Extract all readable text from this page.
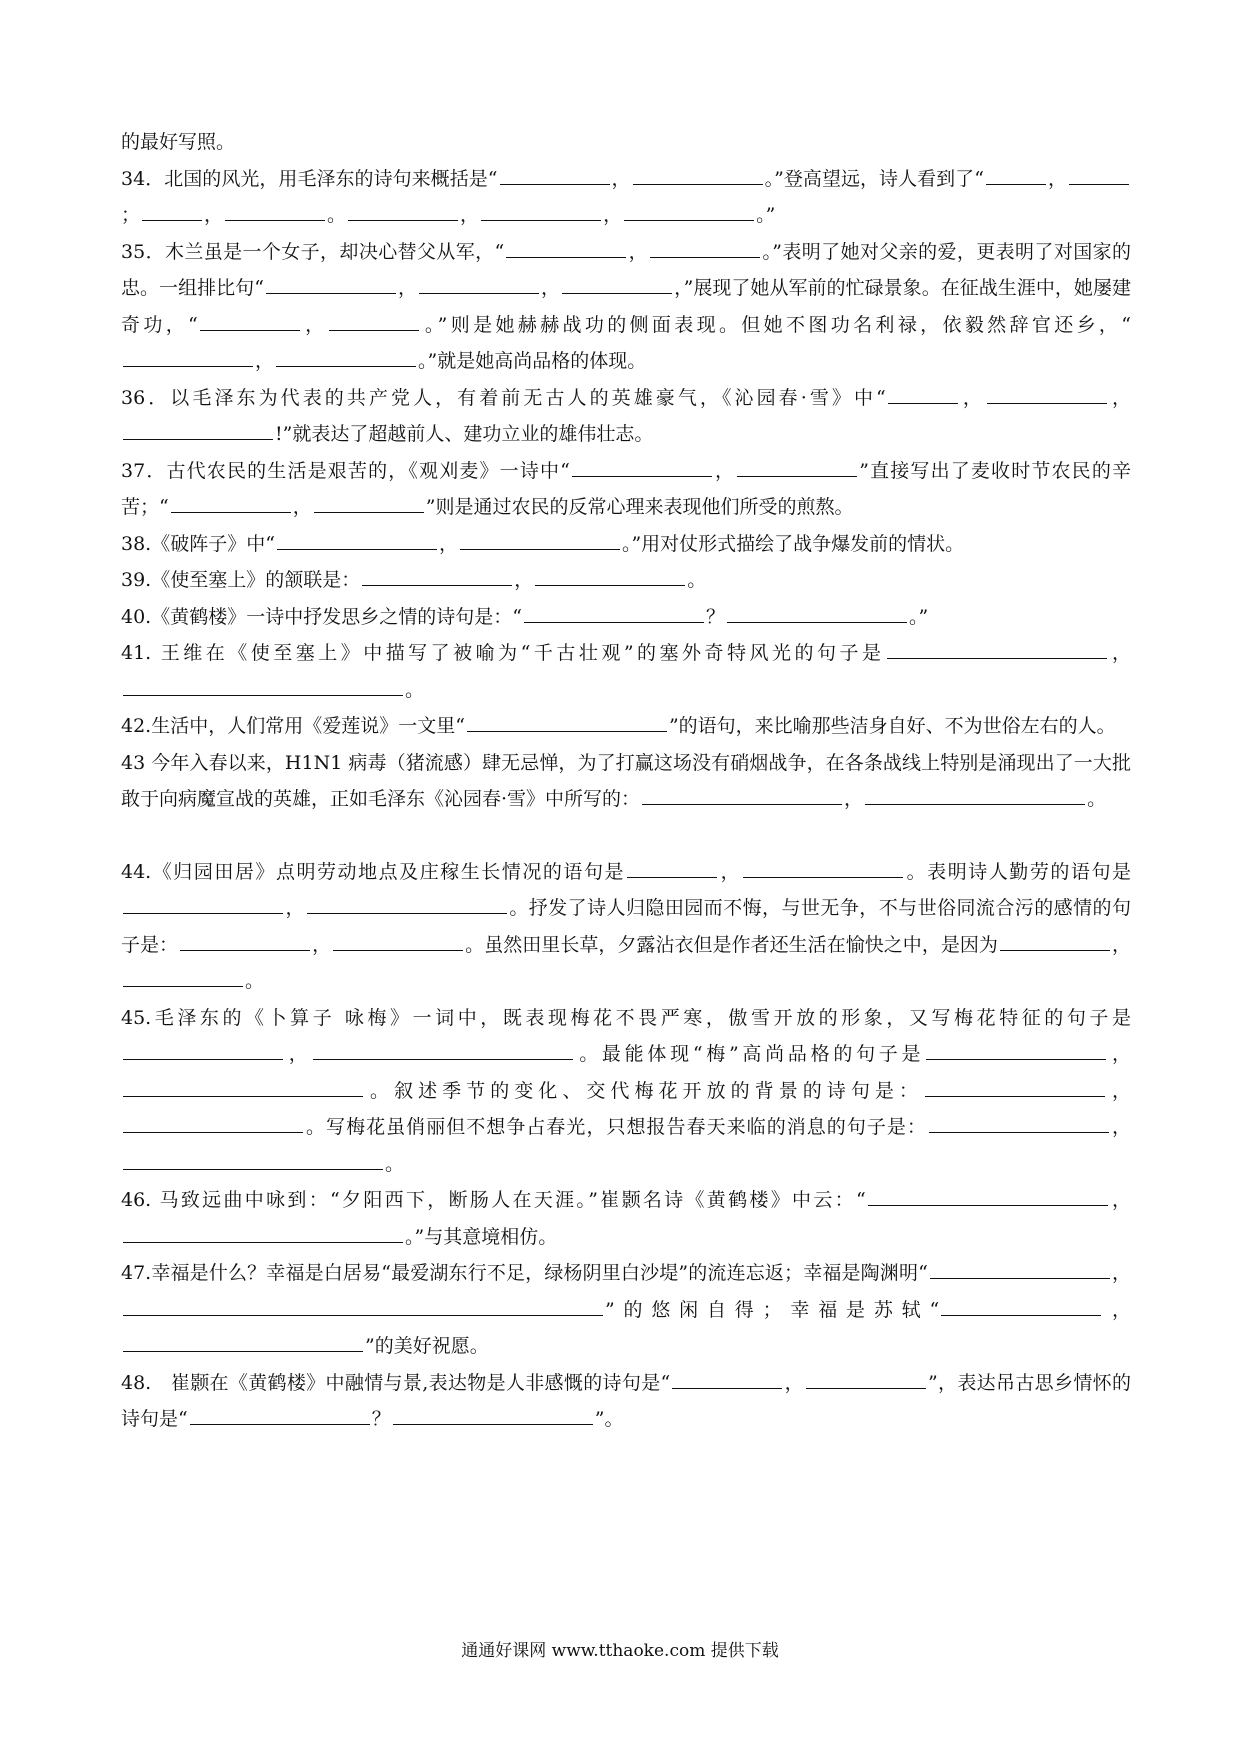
的最好写照。

34．北国的风光，用毛泽东的诗句来概括是“	，	。”登高望远，诗人看到了“	，；	，	。	，	，	。”

35．木兰虽是一个女子，却决心替父从军，“	，	。”表明了她对父亲的爱，更表明了对国家的忠。一组排比句“	，	，	，”展现了她从军前的忙碌景象。在征战生涯中，她屡建奇功，“	，	。”则是她赫赫战功的侧面表现。但她不图功名利禄，依毅然辞官还乡，“，	。”就是她高尚品格的体现。

36．以毛泽东为代表的共产党人，有着前无古人的英雄豪气，《沁园春·雪》中“	，	，!”就表达了超越前人、建功立业的雄伟壮志。

37．古代农民的生活是艰苦的，《观刈麦》一诗中“	，	”直接写出了麦收时节农民的辛苦；“	，	”则是通过农民的反常心理来表现他们所受的煎熬。

38.《破阵子》中“	，	。”用对仗形式描绘了战争爆发前的情状。

39.《使至塞上》的颔联是：	，	。

40.《黄鹤楼》一诗中抒发思乡之情的诗句是：“	？	。”

41. 王维在《使至塞上》中描写了被喻为“千古壮观”的塞外奇特风光的句子是	，。

42.生活中，人们常用《爱莲说》一文里“	”的语句，来比喻那些洁身自好、不为世俗左右的人。

43 今年入春以来，H1N1 病毒（猪流感）肆无忌惮，为了打赢这场没有硝烟战争，在各条战线上特别是涌现出了一大批敢于向病魔宣战的英雄，正如毛泽东《沁园春·雪》中所写的：	，	。

44.《归园田居》点明劳动地点及庄稼生长情况的语句是	，	。表明诗人勤劳的语句是，	。抒发了诗人归隐田园而不悔，与世无争，不与世俗同流合污的感情的句子是：	，	。虽然田里长草，夕露沾衣但是作者还生活在愉快之中，是因为	，。

45.毛泽东的《卜算子 咏梅》一词中，既表现梅花不畏严寒，傲雪开放的形象，又写梅花特征的句子是，	。最能体现“梅”高尚品格的句子是	，。叙述季节的变化、交代梅花开放的背景的诗句是：	，。写梅花虽俏丽但不想争占春光，只想报告春天来临的消息的句子是：	，。

46. 马致远曲中咏到：“夕阳西下，断肠人在天涯。”崔颢名诗《黄鹤楼》中云：“	，。”与其意境相仿。

47.幸福是什么？幸福是白居易“最爱湖东行不足，绿杨阴里白沙堤”的流连忘返；幸福是陶渊明“	，”的悠闲自得；幸福是苏轼“	，”的美好祝愿。

48.　崔颢在《黄鹤楼》中融情与景,表达物是人非感慨的诗句是“	，	”，表达吊古思乡情怀的诗句是“	？	”。

通通好课网 www.tthaoke.com 提供下载
